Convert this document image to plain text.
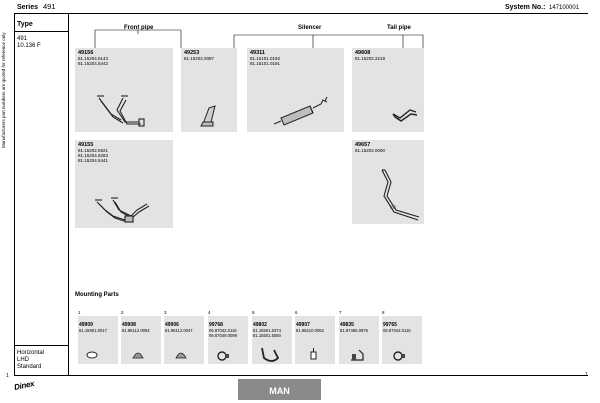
Series 491	System No.: 147100001
Manufacturers part numbers are quoted for reference only
Type
491
10.136 F
Horizontal
LHD
Standard
Front pipe	Silencer	Tail pipe
49156
81.15204.5143
81.15204.5442
49253
81.15202.0087
49311
81.15101.0192
81.15101.0191
49608
81.15202.2218
49155
81.15202.5921
81.15204.5283
81.15204.5441
49657
81.15202.0090
Mounting Parts
1
49909
81.15901.0017
2
49908
81.96112.0054
3
49906
81.96112.0047
4
99768
06.67042.0116
06.67049.0099
5
49802
81.15501.5374
81.15501.5560
6
49907
81.96210.0052
7
49835
81.97486.0876
8
99765
06.67042.0115
1	1
Dinex	MAN
